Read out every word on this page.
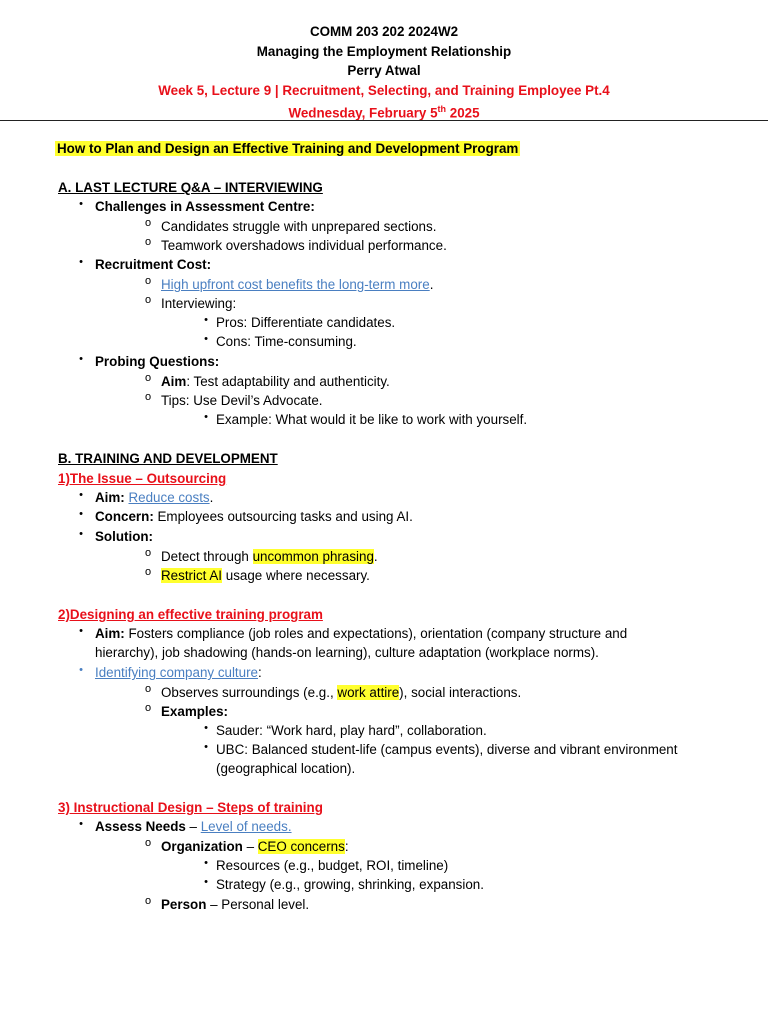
COMM 203 202 2024W2
Managing the Employment Relationship
Perry Atwal
Week 5, Lecture 9 | Recruitment, Selecting, and Training Employee Pt.4
Wednesday, February 5th 2025
How to Plan and Design an Effective Training and Development Program
A. LAST LECTURE Q&A – INTERVIEWING
• Challenges in Assessment Centre:
o Candidates struggle with unprepared sections.
o Teamwork overshadows individual performance.
• Recruitment Cost:
o High upfront cost benefits the long-term more.
o Interviewing:
• Pros: Differentiate candidates.
• Cons: Time-consuming.
• Probing Questions:
o Aim: Test adaptability and authenticity.
o Tips: Use Devil’s Advocate.
• Example: What would it be like to work with yourself.
B. TRAINING AND DEVELOPMENT
1)The Issue – Outsourcing
• Aim: Reduce costs.
• Concern: Employees outsourcing tasks and using AI.
• Solution:
o Detect through uncommon phrasing.
o Restrict AI usage where necessary.
2)Designing an effective training program
• Aim: Fosters compliance (job roles and expectations), orientation (company structure and
hierarchy), job shadowing (hands-on learning), culture adaptation (workplace norms).
• Identifying company culture:
o Observes surroundings (e.g., work attire), social interactions.
o Examples:
• Sauder: “Work hard, play hard”, collaboration.
• UBC: Balanced student-life (campus events), diverse and vibrant environment
(geographical location).
3) Instructional Design – Steps of training
• Assess Needs – Level of needs.
o Organization – CEO concerns:
• Resources (e.g., budget, ROI, timeline)
• Strategy (e.g., growing, shrinking, expansion.
o Person – Personal level.
